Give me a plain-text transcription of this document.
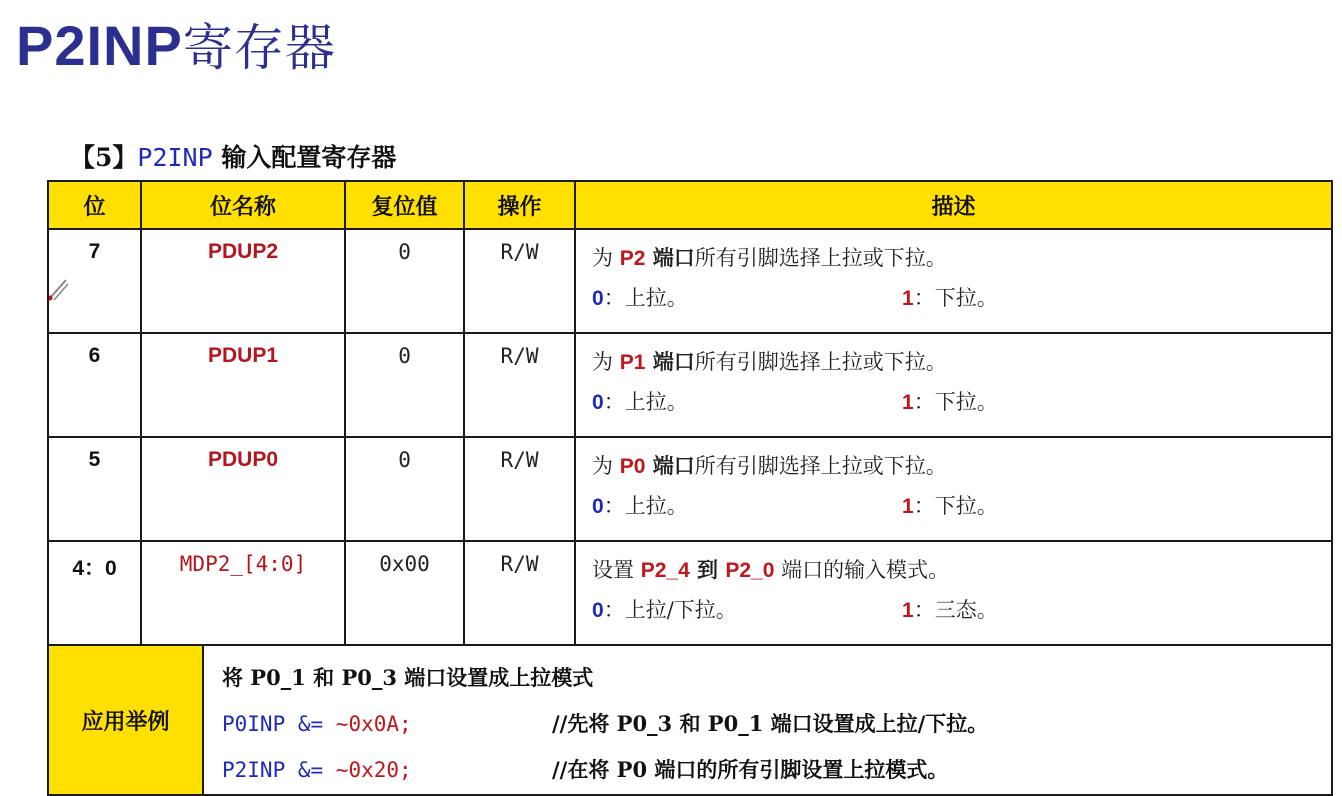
P2INP寄存器
【5】P2INP 输入配置寄存器
位	位名称		复位值	操作	描述
7	PDUP2		0	R/W	为 P2 端口所有引脚选择上拉或下拉。
0：上拉。 1：下拉。

6	PDUP1		0	R/W	为 P1 端口所有引脚选择上拉或下拉。
0：上拉。 1：下拉。

5	PDUP0		0	R/W	为 P0 端口所有引脚选择上拉或下拉。
0：上拉。 1：下拉。

4：0	MDP2_[4:0]		0x00	R/W	设置 P2_4 到 P2_0 端口的输入模式。
0：上拉/下拉。 1：三态。

应用举例		将 P0_1 和 P0_3 端口设置成上拉模式
P0INP &= ~0x0A; //先将 P0_3 和 P0_1 端口设置成上拉/下拉。
P2INP &= ~0x20; //在将 P0 端口的所有引脚设置上拉模式。			
